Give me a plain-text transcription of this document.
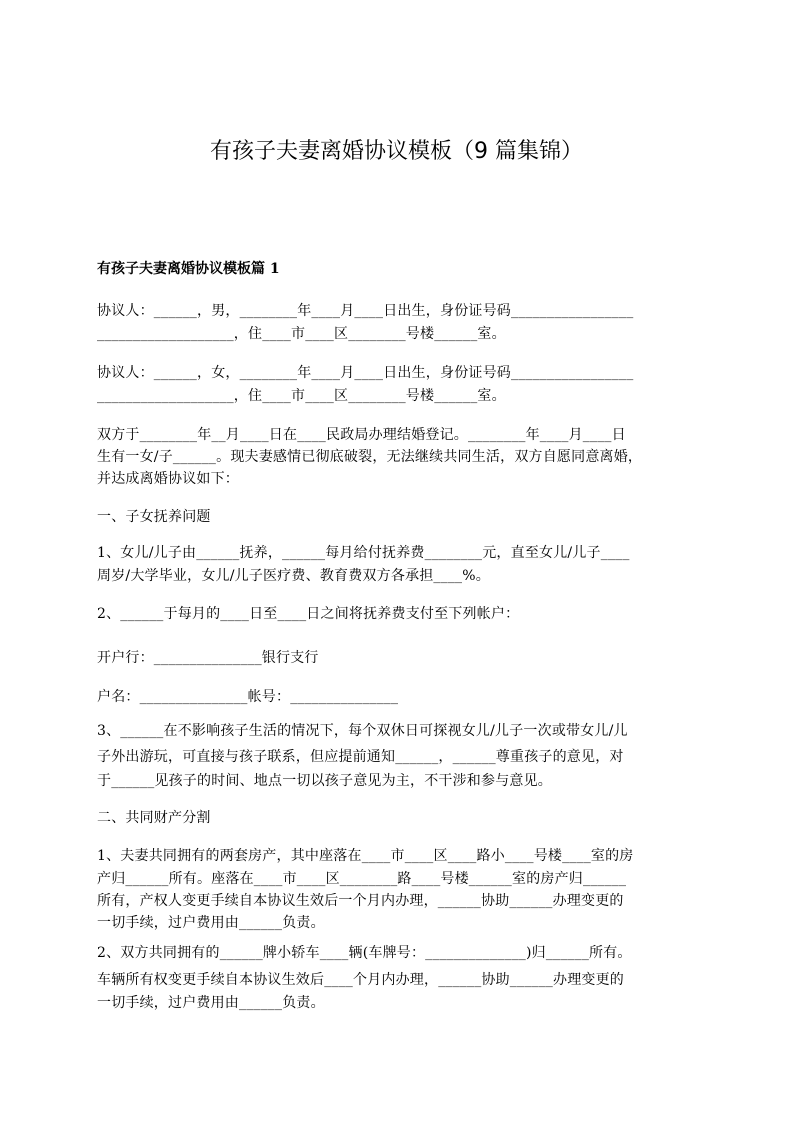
有孩子夫妻离婚协议模板（9 篇集锦）
有孩子夫妻离婚协议模板篇 1
协议人：______，男，________年____月____日出生，身份证号码_________________
___________________，住____市____区________号楼______室。
协议人：______，女，________年____月____日出生，身份证号码_________________
___________________，住____市____区________号楼______室。
双方于________年__月____日在____民政局办理结婚登记。________年____月____日
生有一女/子______。现夫妻感情已彻底破裂，无法继续共同生活，双方自愿同意离婚，
并达成离婚协议如下：
一、子女抚养问题
1、女儿/儿子由______抚养，______每月给付抚养费________元，直至女儿/儿子____
周岁/大学毕业，女儿/儿子医疗费、教育费双方各承担____%。
2、______于每月的____日至____日之间将抚养费支付至下列帐户：
开户行：_______________银行支行
户名：_______________帐号：_______________
3、______在不影响孩子生活的情况下，每个双休日可探视女儿/儿子一次或带女儿/儿
子外出游玩，可直接与孩子联系，但应提前通知______，______尊重孩子的意见，对
于______见孩子的时间、地点一切以孩子意见为主，不干涉和参与意见。
二、共同财产分割
1、夫妻共同拥有的两套房产，其中座落在____市____区____路小____号楼____室的房
产归______所有。座落在____市____区________路____号楼______室的房产归______
所有，产权人变更手续自本协议生效后一个月内办理，______协助______办理变更的
一切手续，过户费用由______负责。
2、双方共同拥有的______牌小轿车____辆(车牌号：______________)归______所有。
车辆所有权变更手续自本协议生效后____个月内办理，______协助______办理变更的
一切手续，过户费用由______负责。
